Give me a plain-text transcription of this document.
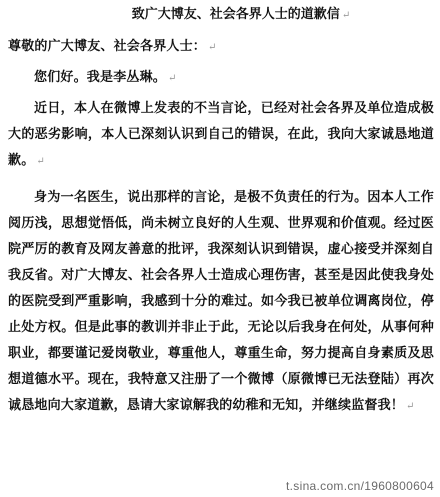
致广大博友、社会各界人士的道歉信 ↵

尊敬的广大博友、社会各界人士： ↵

您们好。我是李丛琳。 ↵

近日，本人在微博上发表的不当言论，已经对社会各界及单位造成极大的恶劣影响，本人已深刻认识到自己的错误，在此，我向大家诚恳地道歉。 ↵

身为一名医生，说出那样的言论，是极不负责任的行为。因本人工作阅历浅，思想觉悟低，尚未树立良好的人生观、世界观和价值观。经过医院严厉的教育及网友善意的批评，我深刻认识到错误，虚心接受并深刻自我反省。对广大博友、社会各界人士造成心理伤害，甚至是因此使我身处的医院受到严重影响，我感到十分的难过。如今我已被单位调离岗位，停止处方权。但是此事的教训并非止于此，无论以后我身在何处，从事何种职业，都要谨记爱岗敬业，尊重他人，尊重生命，努力提高自身素质及思想道德水平。现在，我特意又注册了一个微博（原微博已无法登陆）再次诚恳地向大家道歉，恳请大家谅解我的幼稚和无知，并继续监督我！ ↵

t.sina.com.cn/1960800604
